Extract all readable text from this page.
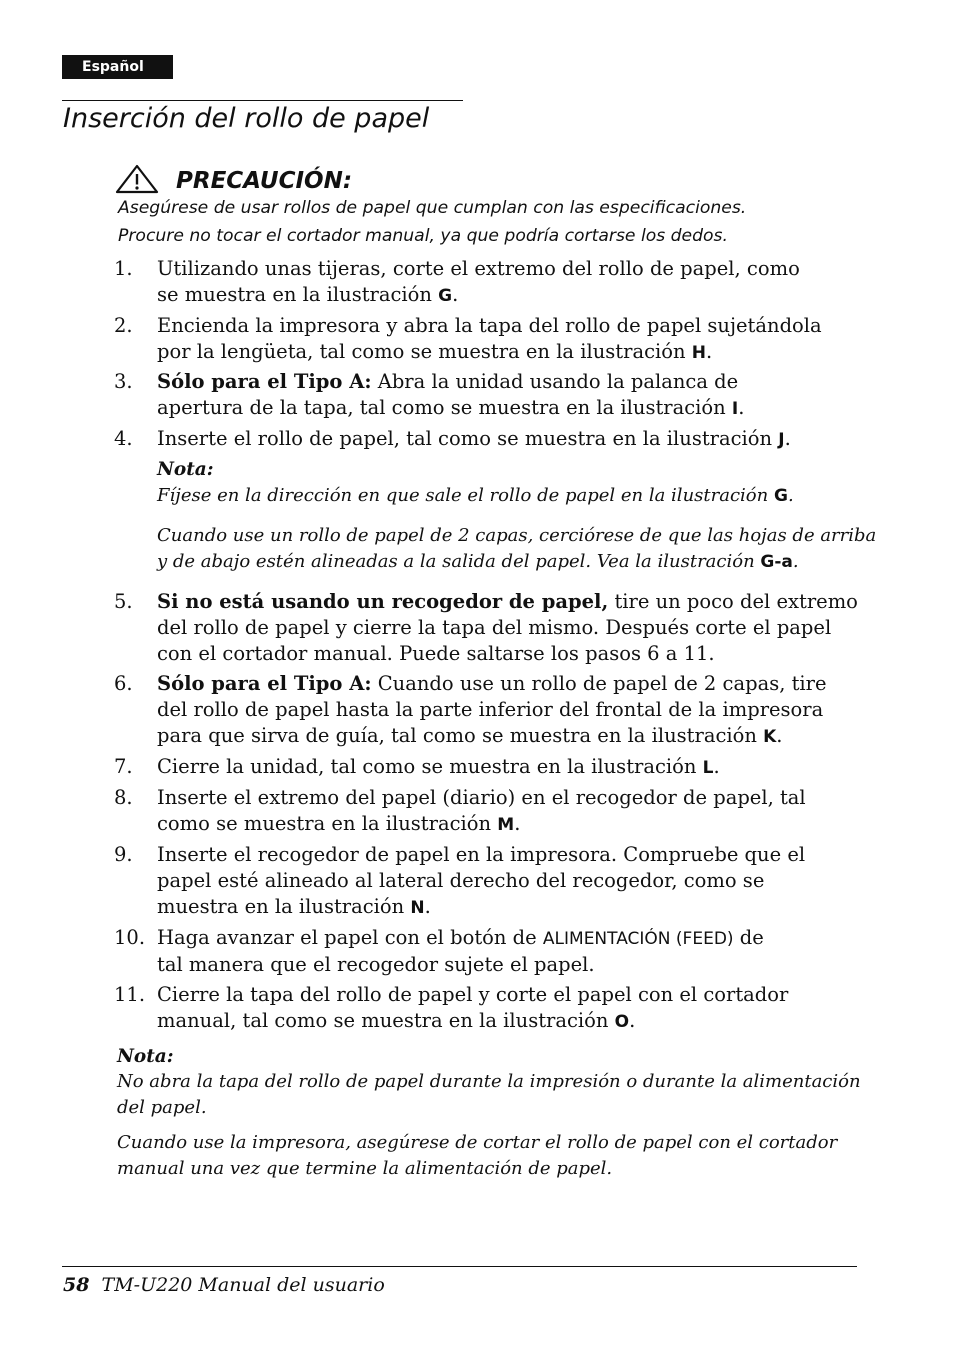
Español
Inserción del rollo de papel
PRECAUCIÓN:
Asegúrese de usar rollos de papel que cumplan con las especificaciones.
Procure no tocar el cortador manual, ya que podría cortarse los dedos.
1.	Utilizando unas tijeras, corte el extremo del rollo de papel, como
se muestra en la ilustración G.
2.	Encienda la impresora y abra la tapa del rollo de papel sujetándola
por la lengüeta, tal como se muestra en la ilustración H.
3.	Sólo para el Tipo A: Abra la unidad usando la palanca de
apertura de la tapa, tal como se muestra en la ilustración I.
4.	Inserte el rollo de papel, tal como se muestra en la ilustración J.
5.	Si no está usando un recogedor de papel, tire un poco del extremo
del rollo de papel y cierre la tapa del mismo. Después corte el papel
con el cortador manual. Puede saltarse los pasos 6 a 11.
6.	Sólo para el Tipo A: Cuando use un rollo de papel de 2 capas, tire
del rollo de papel hasta la parte inferior del frontal de la impresora
para que sirva de guía, tal como se muestra en la ilustración K.
7.	Cierre la unidad, tal como se muestra en la ilustración L.
8.	Inserte el extremo del papel (diario) en el recogedor de papel, tal
como se muestra en la ilustración M.
9.	Inserte el recogedor de papel en la impresora. Compruebe que el
papel esté alineado al lateral derecho del recogedor, como se
muestra en la ilustración N.
10. Haga avanzar el papel con el botón de ALIMENTACIÓN (FEED) de
tal manera que el recogedor sujete el papel.
11. Cierre la tapa del rollo de papel y corte el papel con el cortador
manual, tal como se muestra en la ilustración O.
Nota:
Fíjese en la dirección en que sale el rollo de papel en la ilustración G.
Cuando use un rollo de papel de 2 capas, cerciórese de que las hojas de arriba
y de abajo estén alineadas a la salida del papel. Vea la ilustración G-a.
Nota:
No abra la tapa del rollo de papel durante la impresión o durante la alimentación
del papel.
Cuando use la impresora, asegúrese de cortar el rollo de papel con el cortador
manual una vez que termine la alimentación de papel.
58 TM-U220 Manual del usuario
